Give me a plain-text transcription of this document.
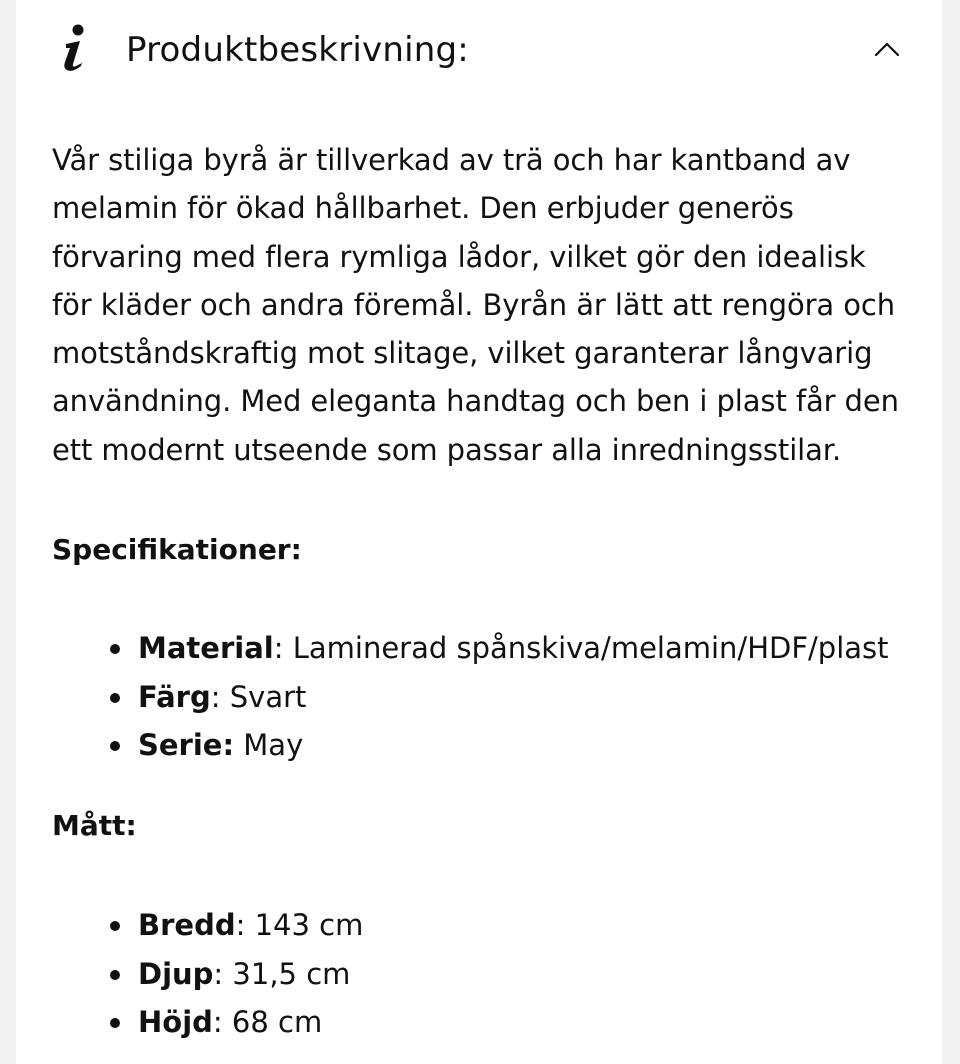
Produktbeskrivning:

Vår stiliga byrå är tillverkad av trä och har kantband av melamin för ökad hållbarhet. Den erbjuder generös förvaring med flera rymliga lådor, vilket gör den idealisk för kläder och andra föremål. Byrån är lätt att rengöra och motståndskraftig mot slitage, vilket garanterar långvarig användning. Med eleganta handtag och ben i plast får den ett modernt utseende som passar alla inredningsstilar.

Specifikationer:
Material: Laminerad spånskiva/melamin/HDF/plast
Färg: Svart
Serie: May
Mått:
Bredd: 143 cm
Djup: 31,5 cm
Höjd: 68 cm
